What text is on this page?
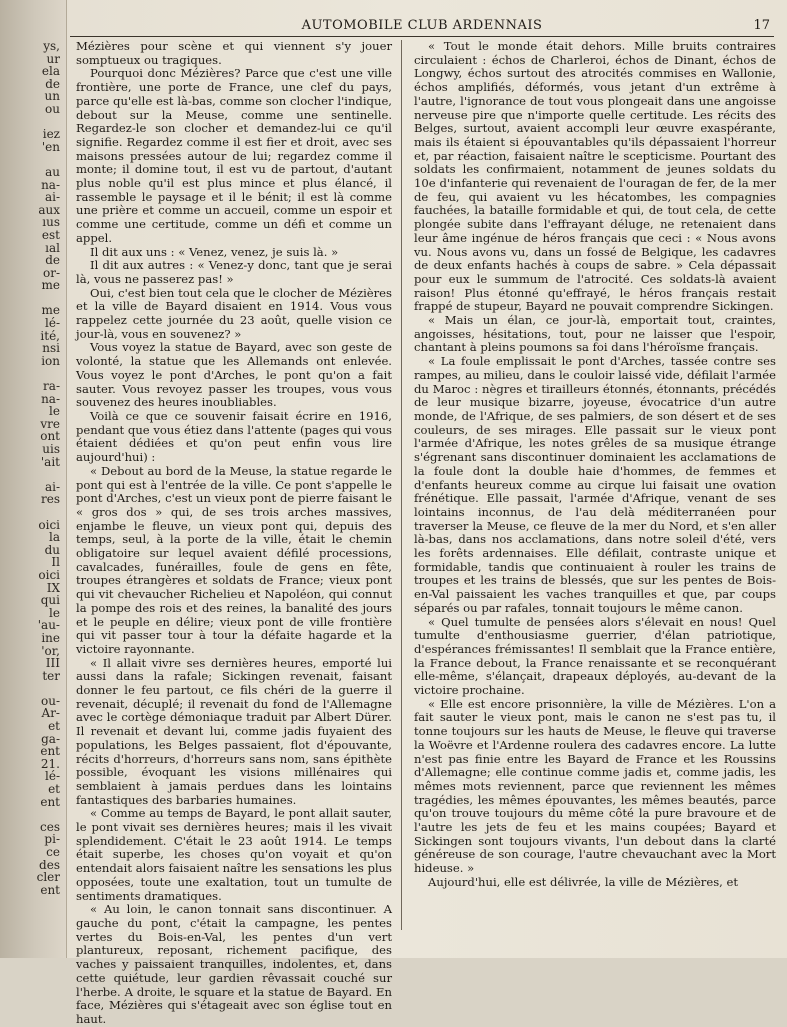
ys,
ur
ela
de
un
ou

iez
'en

au
na-
ai-
aux
ıus
est
ıal
de
or-
me

me
lé-
ité,
nsi
ion

ra-
na-
le
vre
ont
uis
'ait

ai-
res

oici
la
du
Il
oici
IX
qui
le
'au-
ine
'or,
III
ter

ou-
Ar-
et
ga-
ent
21.
lé-
et
ent

ces
pi-
ce
des
cler
ent
AUTOMOBILE CLUB ARDENNAIS	17

Mézières pour scène et qui viennent s'y jouer somptueux ou tragiques.

Pourquoi donc Mézières? Parce que c'est une ville frontière, une porte de France, une clef du pays, parce qu'elle est là-bas, comme son clocher l'indique, debout sur la Meuse, comme une sentinelle. Regardez-le son clocher et demandez-lui ce qu'il signifie. Regardez comme il est fier et droit, avec ses maisons pressées autour de lui; regardez comme il monte; il domine tout, il est vu de partout, d'autant plus noble qu'il est plus mince et plus élancé, il rassemble le paysage et il le bénit; il est là comme une prière et comme un accueil, comme un espoir et comme une certitude, comme un défi et comme un appel.

Il dit aux uns : « Venez, venez, je suis là. »

Il dit aux autres : « Venez-y donc, tant que je serai là, vous ne passerez pas! »

Oui, c'est bien tout cela que le clocher de Mézières et la ville de Bayard disaient en 1914. Vous vous rappelez cette journée du 23 août, quelle vision ce jour-là, vous en souvenez? »

Vous voyez la statue de Bayard, avec son geste de volonté, la statue que les Allemands ont enlevée. Vous voyez le pont d'Arches, le pont qu'on a fait sauter. Vous revoyez passer les troupes, vous vous souvenez des heures inoubliables.

Voilà ce que ce souvenir faisait écrire en 1916, pendant que vous étiez dans l'attente (pages qui vous étaient dédiées et qu'on peut enfin vous lire aujourd'hui) :

« Debout au bord de la Meuse, la statue regarde le pont qui est à l'entrée de la ville. Ce pont s'appelle le pont d'Arches, c'est un vieux pont de pierre faisant le « gros dos » qui, de ses trois arches massives, enjambe le fleuve, un vieux pont qui, depuis des temps, seul, à la porte de la ville, était le chemin obligatoire sur lequel avaient défilé processions, cavalcades, funérailles, foule de gens en fête, troupes étrangères et soldats de France; vieux pont qui vit chevaucher Richelieu et Napoléon, qui connut la pompe des rois et des reines, la banalité des jours et le peuple en délire; vieux pont de ville frontière qui vit passer tour à tour la défaite hagarde et la victoire rayonnante.

« Il allait vivre ses dernières heures, emporté lui aussi dans la rafale; Sickingen revenait, faisant donner le feu partout, ce fils chéri de la guerre il revenait, décuplé; il revenait du fond de l'Allemagne avec le cortège démoniaque traduit par Albert Dürer. Il revenait et devant lui, comme jadis fuyaient des populations, les Belges passaient, flot d'épouvante, récits d'horreurs, d'horreurs sans nom, sans épithète possible, évoquant les visions millénaires qui semblaient à jamais perdues dans les lointains fantastiques des barbaries humaines.

« Comme au temps de Bayard, le pont allait sauter, le pont vivait ses dernières heures; mais il les vivait splendidement. C'était le 23 août 1914. Le temps était superbe, les choses qu'on voyait et qu'on entendait alors faisaient naître les sensations les plus opposées, toute une exaltation, tout un tumulte de sentiments dramatiques.

« Au loin, le canon tonnait sans discontinuer. A gauche du pont, c'était la campagne, les pentes vertes du Bois-en-Val, les pentes d'un vert plantureux, reposant, richement pacifique, des vaches y paissaient tranquilles, indolentes, et, dans cette quiétude, leur gardien rêvassait couché sur l'herbe. A droite, le square et la statue de Bayard. En face, Mézières qui s'étageait avec son église tout en haut.

« Tout le monde était dehors. Mille bruits contraires circulaient : échos de Charleroi, échos de Dinant, échos de Longwy, échos surtout des atrocités commises en Wallonie, échos amplifiés, déformés, vous jetant d'un extrême à l'autre, l'ignorance de tout vous plongeait dans une angoisse nerveuse pire que n'importe quelle certitude. Les récits des Belges, surtout, avaient accompli leur œuvre exaspérante, mais ils étaient si épouvantables qu'ils dépassaient l'horreur et, par réaction, faisaient naître le scepticisme. Pourtant des soldats les confirmaient, notamment de jeunes soldats du 10e d'infanterie qui revenaient de l'ouragan de fer, de la mer de feu, qui avaient vu les hécatombes, les compagnies fauchées, la bataille formidable et qui, de tout cela, de cette plongée subite dans l'effrayant déluge, ne retenaient dans leur âme ingénue de héros français que ceci : « Nous avons vu. Nous avons vu, dans un fossé de Belgique, les cadavres de deux enfants hachés à coups de sabre. » Cela dépassait pour eux le summum de l'atrocité. Ces soldats-là avaient raison! Plus étonné qu'effrayé, le héros français restait frappé de stupeur, Bayard ne pouvait comprendre Sickingen.

« Mais un élan, ce jour-là, emportait tout, craintes, angoisses, hésitations, tout, pour ne laisser que l'espoir, chantant à pleins poumons sa foi dans l'héroïsme français.

« La foule emplissait le pont d'Arches, tassée contre ses rampes, au milieu, dans le couloir laissé vide, défilait l'armée du Maroc : nègres et tirailleurs étonnés, étonnants, précédés de leur musique bizarre, joyeuse, évocatrice d'un autre monde, de l'Afrique, de ses palmiers, de son désert et de ses couleurs, de ses mirages. Elle passait sur le vieux pont l'armée d'Afrique, les notes grêles de sa musique étrange s'égrenant sans discontinuer dominaient les acclamations de la foule dont la double haie d'hommes, de femmes et d'enfants heureux comme au cirque lui faisait une ovation frénétique. Elle passait, l'armée d'Afrique, venant de ses lointains inconnus, de l'au delà méditerranéen pour traverser la Meuse, ce fleuve de la mer du Nord, et s'en aller là-bas, dans nos acclamations, dans notre soleil d'été, vers les forêts ardennaises. Elle défilait, contraste unique et formidable, tandis que continuaient à rouler les trains de troupes et les trains de blessés, que sur les pentes de Bois-en-Val paissaient les vaches tranquilles et que, par coups séparés ou par rafales, tonnait toujours le même canon.

« Quel tumulte de pensées alors s'élevait en nous! Quel tumulte d'enthousiasme guerrier, d'élan patriotique, d'espérances frémissantes! Il semblait que la France entière, la France debout, la France renaissante et se reconquérant elle-même, s'élançait, drapeaux déployés, au-devant de la victoire prochaine.

« Elle est encore prisonnière, la ville de Mézières. L'on a fait sauter le vieux pont, mais le canon ne s'est pas tu, il tonne toujours sur les hauts de Meuse, le fleuve qui traverse la Woëvre et l'Ardenne roulera des cadavres encore. La lutte n'est pas finie entre les Bayard de France et les Roussins d'Allemagne; elle continue comme jadis et, comme jadis, les mêmes mots reviennent, parce que reviennent les mêmes tragédies, les mêmes épouvantes, les mêmes beautés, parce qu'on trouve toujours du même côté la pure bravoure et de l'autre les jets de feu et les mains coupées; Bayard et Sickingen sont toujours vivants, l'un debout dans la clarté généreuse de son courage, l'autre chevauchant avec la Mort hideuse. »

Aujourd'hui, elle est délivrée, la ville de Mézières, et
